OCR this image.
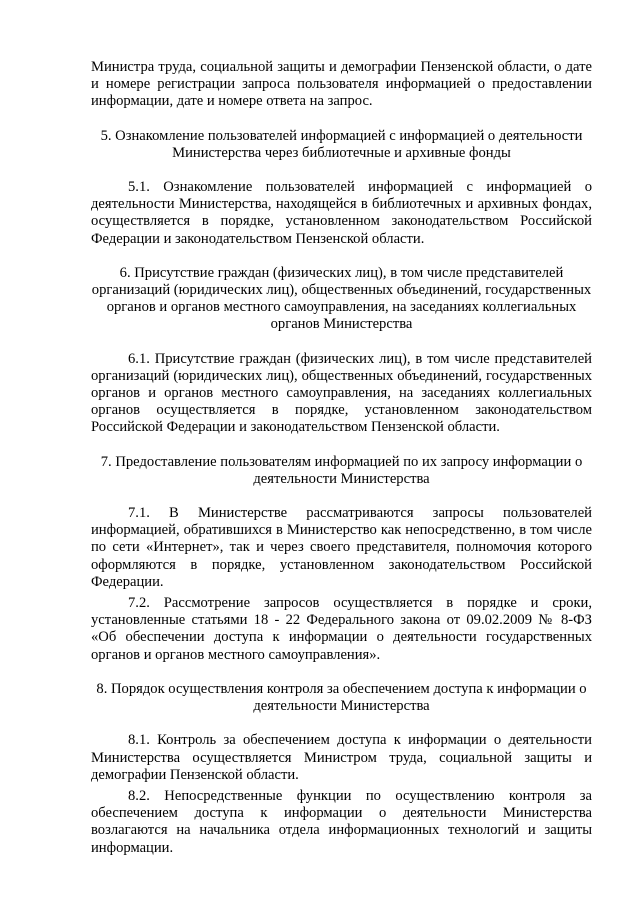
Министра труда, социальной защиты и демографии Пензенской области, о дате и номере регистрации запроса пользователя информацией о предоставлении информации, дате и номере ответа на запрос.

5. Ознакомление пользователей информацией с информацией о деятельности Министерства через библиотечные и архивные фонды

5.1. Ознакомление пользователей информацией с информацией о деятельности Министерства, находящейся в библиотечных и архивных фондах, осуществляется в порядке, установленном законодательством Российской Федерации и законодательством Пензенской области.

6. Присутствие граждан (физических лиц), в том числе представителей организаций (юридических лиц), общественных объединений, государственных органов и органов местного самоуправления, на заседаниях коллегиальных органов Министерства

6.1. Присутствие граждан (физических лиц), в том числе представителей организаций (юридических лиц), общественных объединений, государственных органов и органов местного самоуправления, на заседаниях коллегиальных органов осуществляется в порядке, установленном законодательством Российской Федерации и законодательством Пензенской области.

7. Предоставление пользователям информацией по их запросу информации о деятельности Министерства

7.1. В Министерстве рассматриваются запросы пользователей информацией, обратившихся в Министерство как непосредственно, в том числе по сети «Интернет», так и через своего представителя, полномочия которого оформляются в порядке, установленном законодательством Российской Федерации.

7.2. Рассмотрение запросов осуществляется в порядке и сроки, установленные статьями 18 - 22 Федерального закона от 09.02.2009 № 8-ФЗ «Об обеспечении доступа к информации о деятельности государственных органов и органов местного самоуправления».

8. Порядок осуществления контроля за обеспечением доступа к информации о деятельности Министерства

8.1. Контроль за обеспечением доступа к информации о деятельности Министерства осуществляется Министром труда, социальной защиты и демографии Пензенской области.

8.2. Непосредственные функции по осуществлению контроля за обеспечением доступа к информации о деятельности Министерства возлагаются на начальника отдела информационных технологий и защиты информации.
